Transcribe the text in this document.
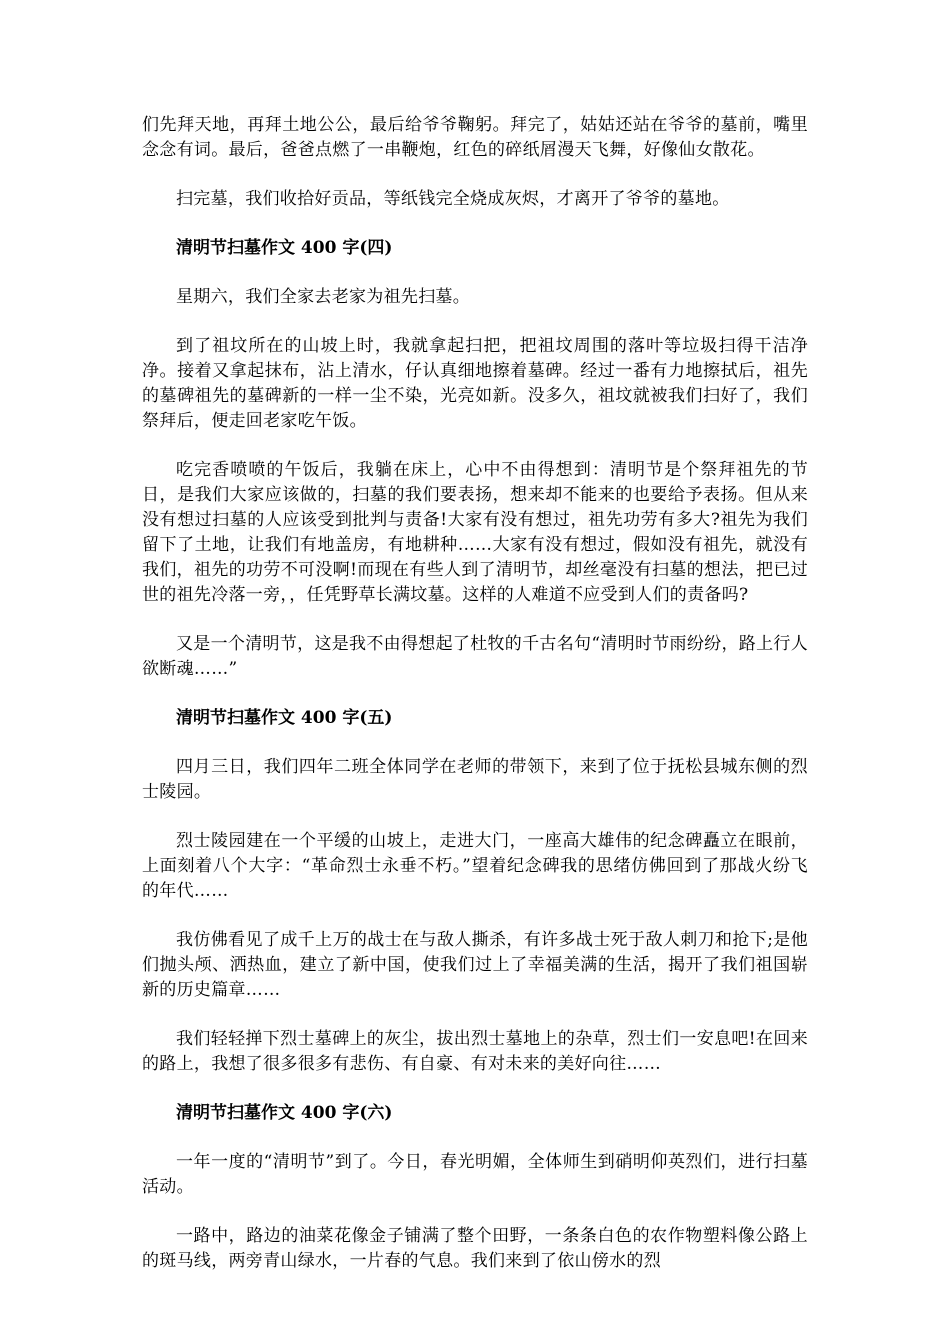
们先拜天地，再拜土地公公，最后给爷爷鞠躬。拜完了，姑姑还站在爷爷的墓前，嘴里念念有词。最后，爸爸点燃了一串鞭炮，红色的碎纸屑漫天飞舞，好像仙女散花。

扫完墓，我们收拾好贡品，等纸钱完全烧成灰烬，才离开了爷爷的墓地。

清明节扫墓作文 400 字(四)

星期六，我们全家去老家为祖先扫墓。

到了祖坟所在的山坡上时，我就拿起扫把，把祖坟周围的落叶等垃圾扫得干洁净净。接着又拿起抹布，沾上清水，仔认真细地擦着墓碑。经过一番有力地擦拭后，祖先的墓碑祖先的墓碑新的一样一尘不染，光亮如新。没多久，祖坟就被我们扫好了，我们祭拜后，便走回老家吃午饭。

吃完香喷喷的午饭后，我躺在床上，心中不由得想到：清明节是个祭拜祖先的节日，是我们大家应该做的，扫墓的我们要表扬，想来却不能来的也要给予表扬。但从来没有想过扫墓的人应该受到批判与责备!大家有没有想过，祖先功劳有多大?祖先为我们留下了土地，让我们有地盖房，有地耕种……大家有没有想过，假如没有祖先，就没有我们，祖先的功劳不可没啊!而现在有些人到了清明节，却丝毫没有扫墓的想法，把已过世的祖先冷落一旁，，任凭野草长满坟墓。这样的人难道不应受到人们的责备吗?

又是一个清明节，这是我不由得想起了杜牧的千古名句“清明时节雨纷纷，路上行人欲断魂……”

清明节扫墓作文 400 字(五)

四月三日，我们四年二班全体同学在老师的带领下，来到了位于抚松县城东侧的烈士陵园。

烈士陵园建在一个平缓的山坡上，走进大门，一座高大雄伟的纪念碑矗立在眼前，上面刻着八个大字：“革命烈士永垂不朽。”望着纪念碑我的思绪仿佛回到了那战火纷飞的年代……

我仿佛看见了成千上万的战士在与敌人撕杀，有许多战士死于敌人刺刀和抢下;是他们抛头颅、洒热血，建立了新中国，使我们过上了幸福美满的生活，揭开了我们祖国崭新的历史篇章……

我们轻轻掸下烈士墓碑上的灰尘，拔出烈士墓地上的杂草，烈士们一安息吧!在回来的路上，我想了很多很多有悲伤、有自豪、有对未来的美好向往……

清明节扫墓作文 400 字(六)

一年一度的“清明节”到了。今日，春光明媚，全体师生到硝明仰英烈们，进行扫墓活动。

一路中，路边的油菜花像金子铺满了整个田野，一条条白色的农作物塑料像公路上的斑马线，两旁青山绿水，一片春的气息。我们来到了依山傍水的烈
